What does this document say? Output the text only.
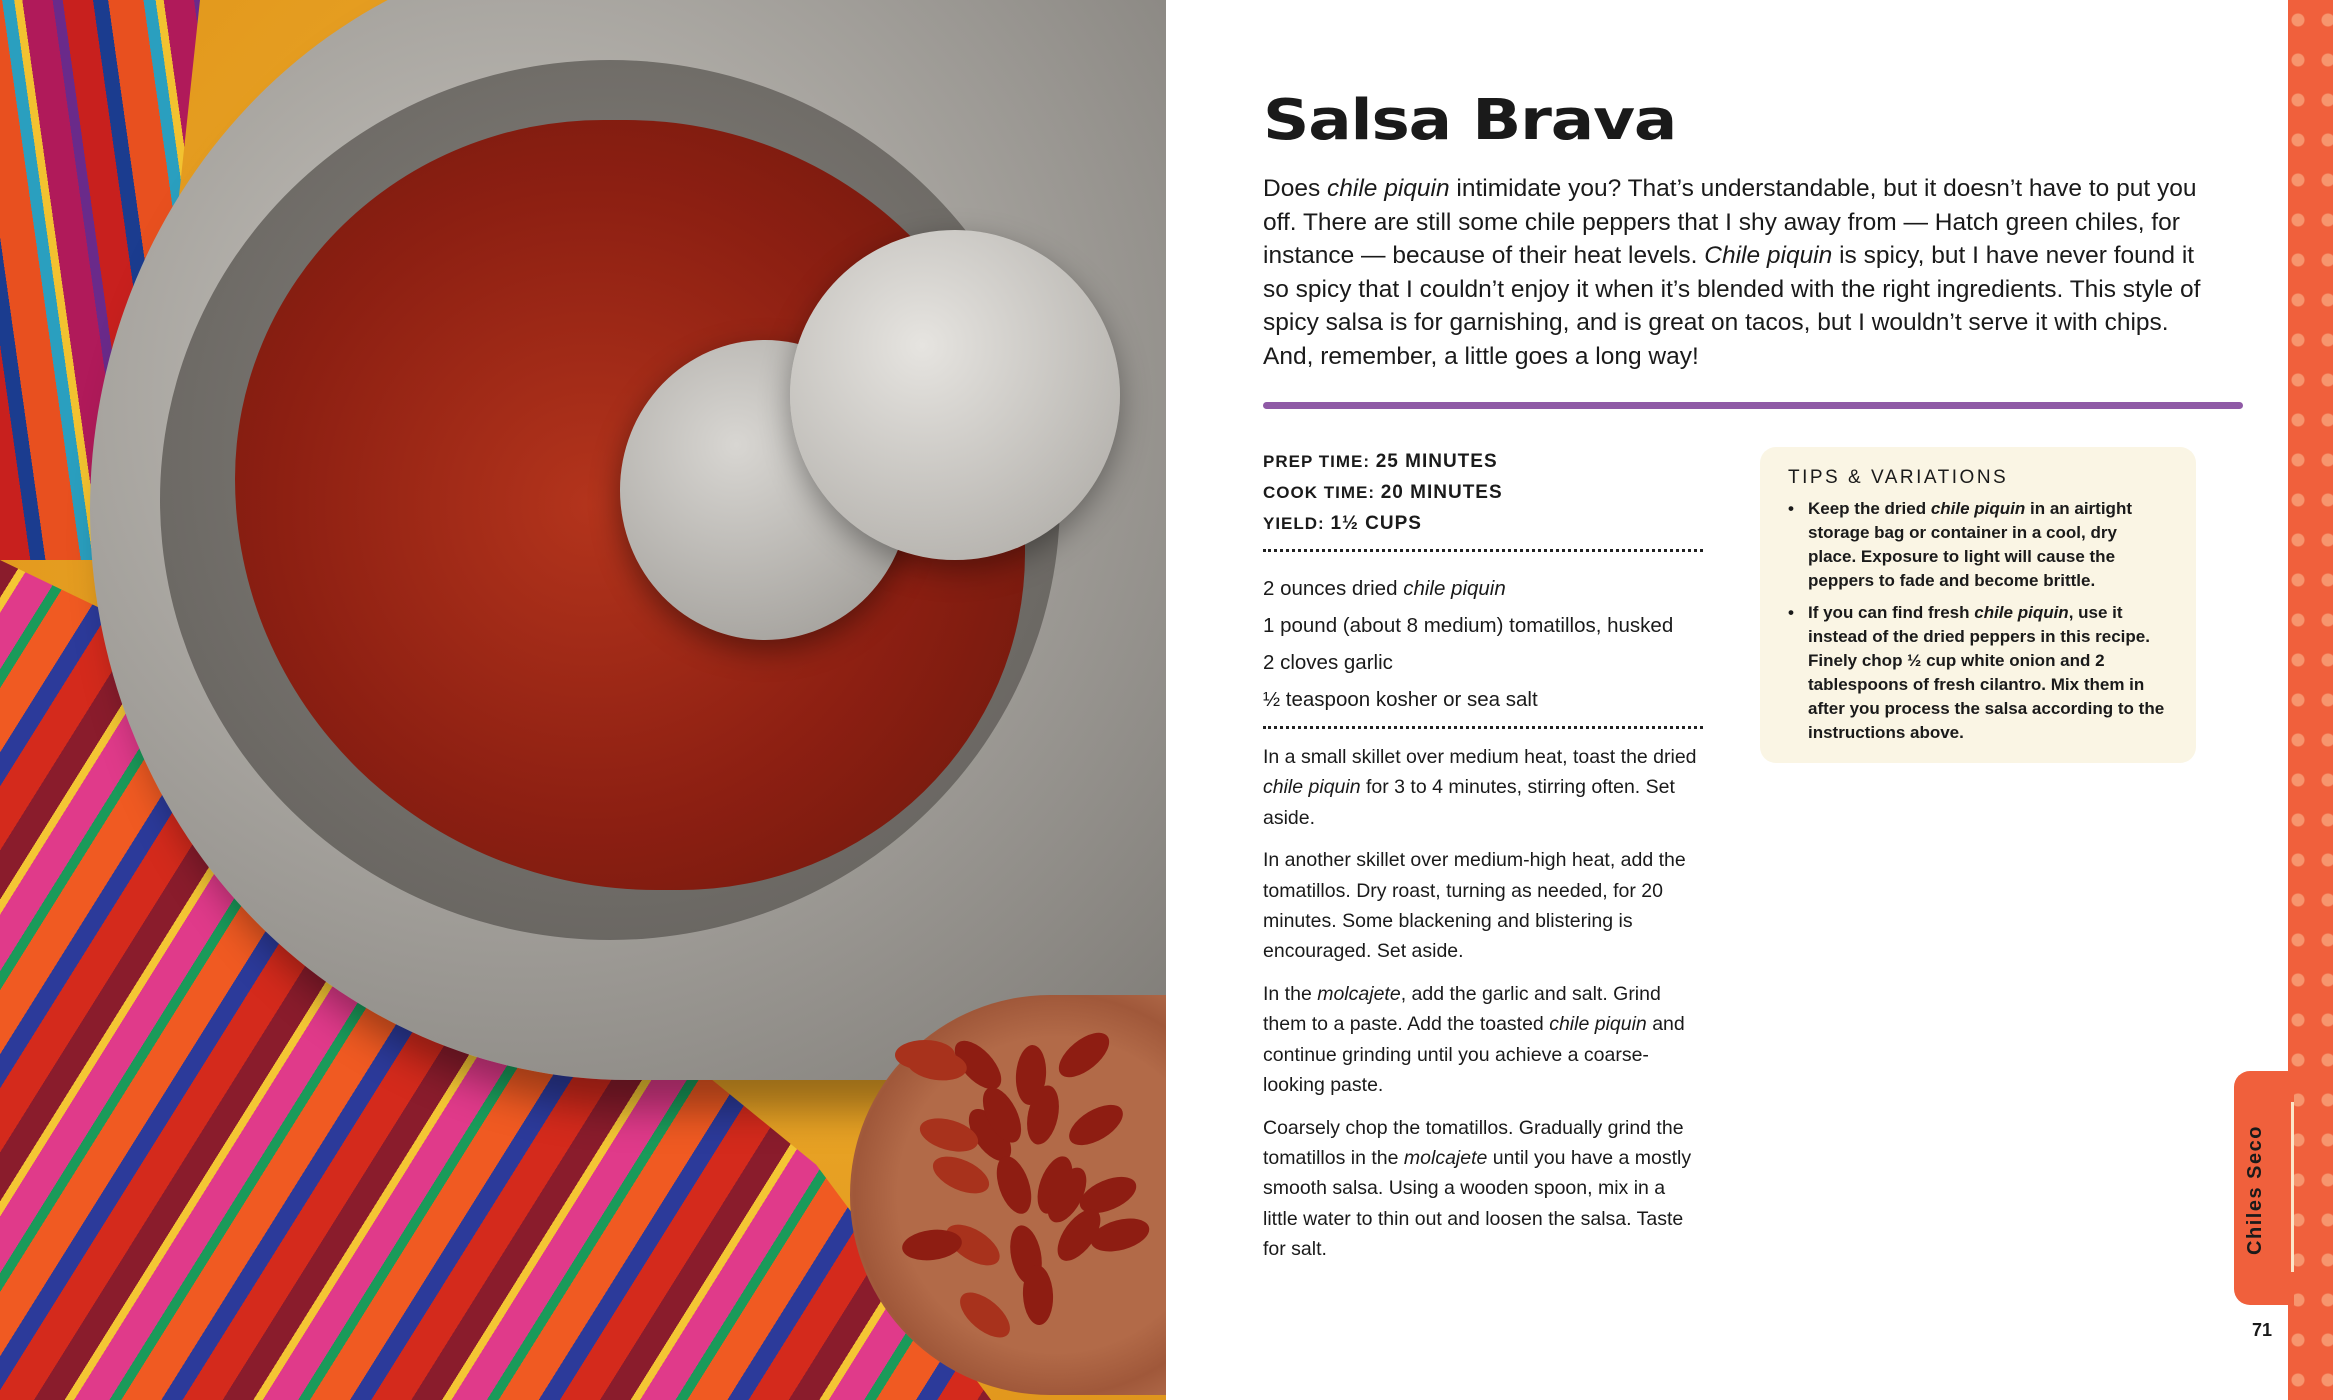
Salsa Brava

Does chile piquin intimidate you? That’s understandable, but it doesn’t have to put you off. There are still some chile peppers that I shy away from — Hatch green chiles, for instance — because of their heat levels. Chile piquin is spicy, but I have never found it so spicy that I couldn’t enjoy it when it’s blended with the right ingredients. This style of spicy salsa is for garnishing, and is great on tacos, but I wouldn’t serve it with chips. And, remember, a little goes a long way!

PREP TIME: 25 MINUTES
COOK TIME: 20 MINUTES
YIELD: 1½ CUPS
2 ounces dried chile piquin
1 pound (about 8 medium) tomatillos, husked
2 cloves garlic
½ teaspoon kosher or sea salt

In a small skillet over medium heat, toast the dried chile piquin for 3 to 4 minutes, stirring often. Set aside.

In another skillet over medium-high heat, add the tomatillos. Dry roast, turning as needed, for 20 minutes. Some blackening and blistering is encouraged. Set aside.

In the molcajete, add the garlic and salt. Grind them to a paste. Add the toasted chile piquin and continue grinding until you achieve a coarse-looking paste.

Coarsely chop the tomatillos. Gradually grind the tomatillos in the molcajete until you have a mostly smooth salsa. Using a wooden spoon, mix in a little water to thin out and loosen the salsa. Taste for salt.

TIPS & VARIATIONS
• Keep the dried chile piquin in an airtight storage bag or container in a cool, dry place. Exposure to light will cause the peppers to fade and become brittle.
• If you can find fresh chile piquin, use it instead of the dried peppers in this recipe. Finely chop ½ cup white onion and 2 tablespoons of fresh cilantro. Mix them in after you process the salsa according to the instructions above.
Chiles Seco
71
